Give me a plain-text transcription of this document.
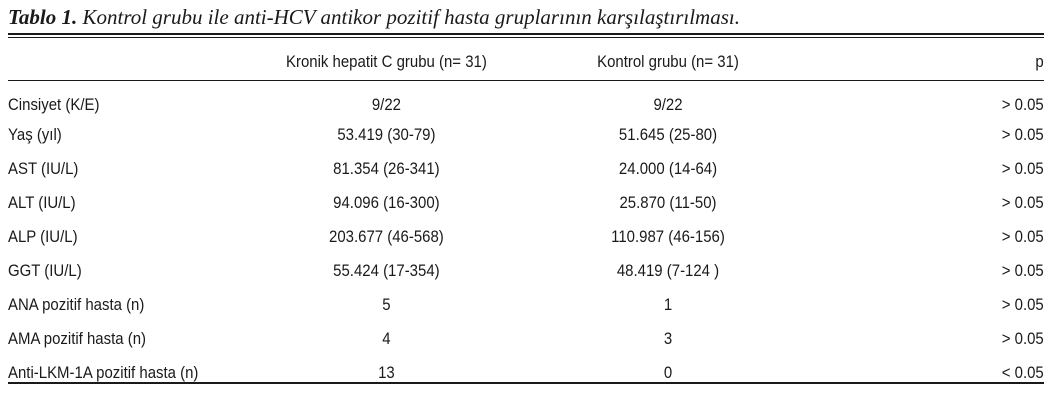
Tablo 1. Kontrol grubu ile anti-HCV antikor pozitif hasta gruplarının karşılaştırılması.
	Kronik hepatit C grubu (n= 31)	Kontrol grubu (n= 31)	p
Cinsiyet (K/E)	9/22	9/22	> 0.05
Yaş (yıl)	53.419 (30-79)	51.645 (25-80)	> 0.05
AST (IU/L)	81.354 (26-341)	24.000 (14-64)	> 0.05
ALT (IU/L)	94.096 (16-300)	25.870 (11-50)	> 0.05
ALP (IU/L)	203.677 (46-568)	110.987 (46-156)	> 0.05
GGT (IU/L)	55.424 (17-354)	48.419 (7-124 )	> 0.05
ANA pozitif hasta (n)	5	1	> 0.05
AMA pozitif hasta (n)	4	3	> 0.05
Anti-LKM-1A pozitif hasta (n)	13	0	< 0.05
